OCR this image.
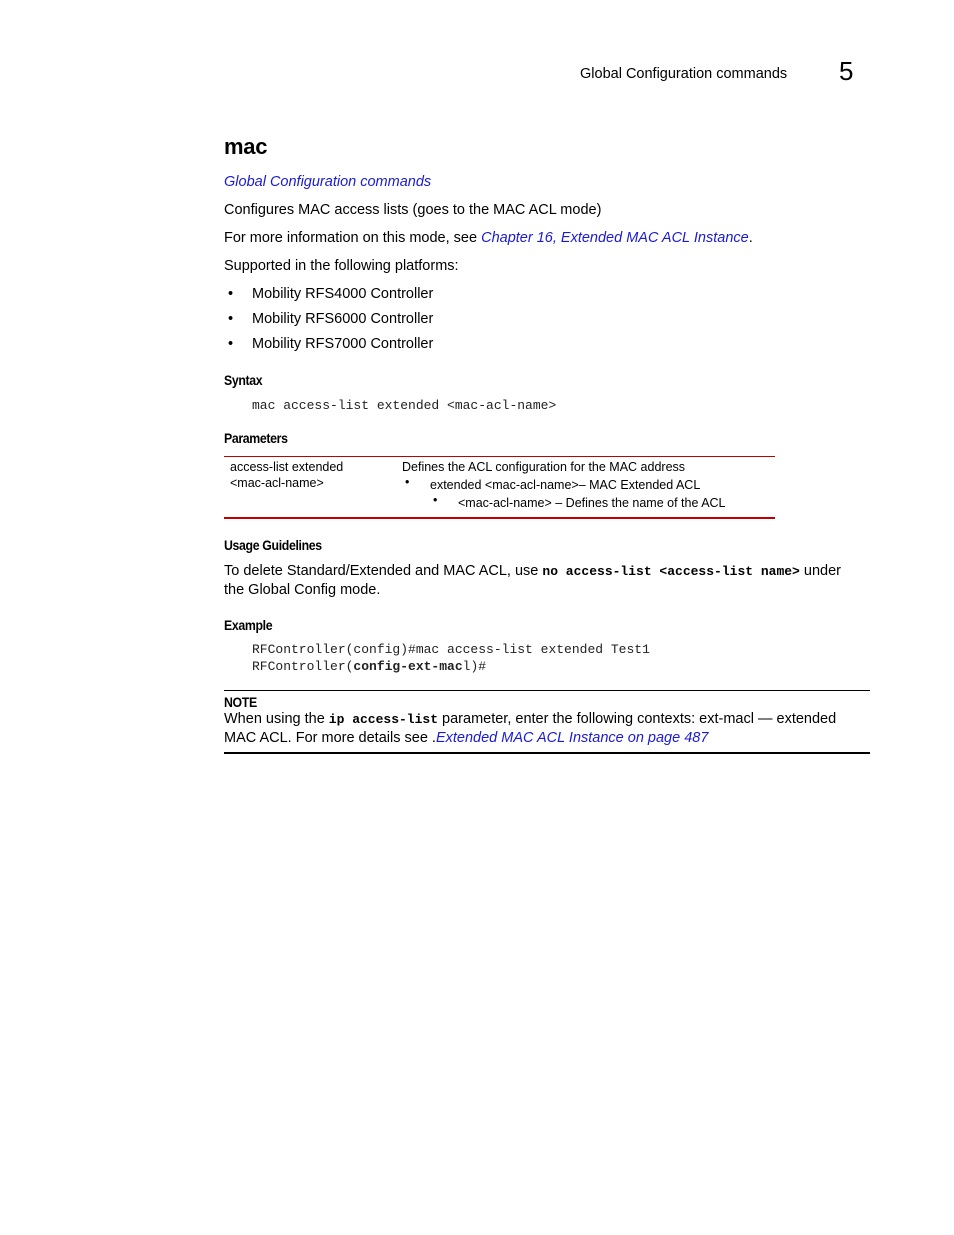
Global Configuration commands 5
mac
Global Configuration commands
Configures MAC access lists (goes to the MAC ACL mode)
For more information on this mode, see Chapter 16, Extended MAC ACL Instance.
Supported in the following platforms:
• Mobility RFS4000 Controller
• Mobility RFS6000 Controller
• Mobility RFS7000 Controller
Syntax
mac access-list extended <mac-acl-name>
Parameters
access-list extended
<mac-acl-name>
Defines the ACL configuration for the MAC address
• extended <mac-acl-name>– MAC Extended ACL
• <mac-acl-name> – Defines the name of the ACL
Usage Guidelines
To delete Standard/Extended and MAC ACL, use no access-list <access-list name> under
the Global Config mode.
Example
RFController(config)#mac access-list extended Test1
RFController(config-ext-macl)#
NOTE
When using the ip access-list parameter, enter the following contexts: ext-macl — extended
MAC ACL. For more details see .Extended MAC ACL Instance on page 487
